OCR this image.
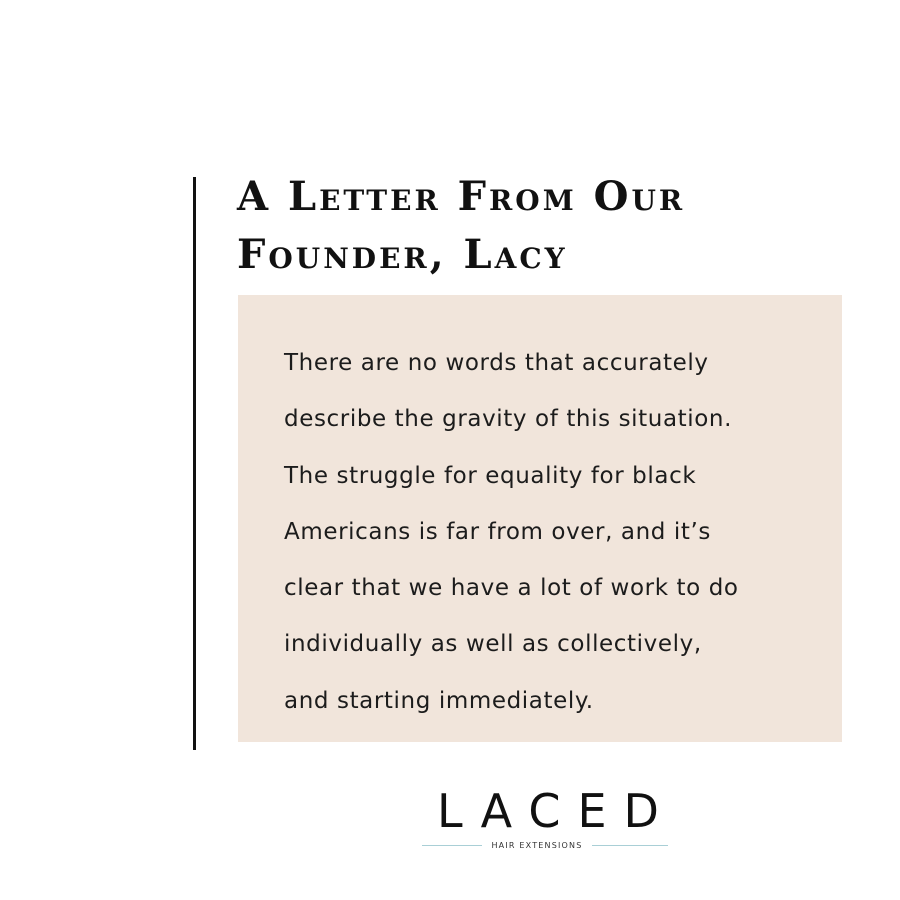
A Letter From Our
Founder, Lacy

There are no words that accurately
describe the gravity of this situation.
The struggle for equality for black
Americans is far from over, and it’s
clear that we have a lot of work to do
individually as well as collectively,
and starting immediately.

LACED
HAIR EXTENSIONS
